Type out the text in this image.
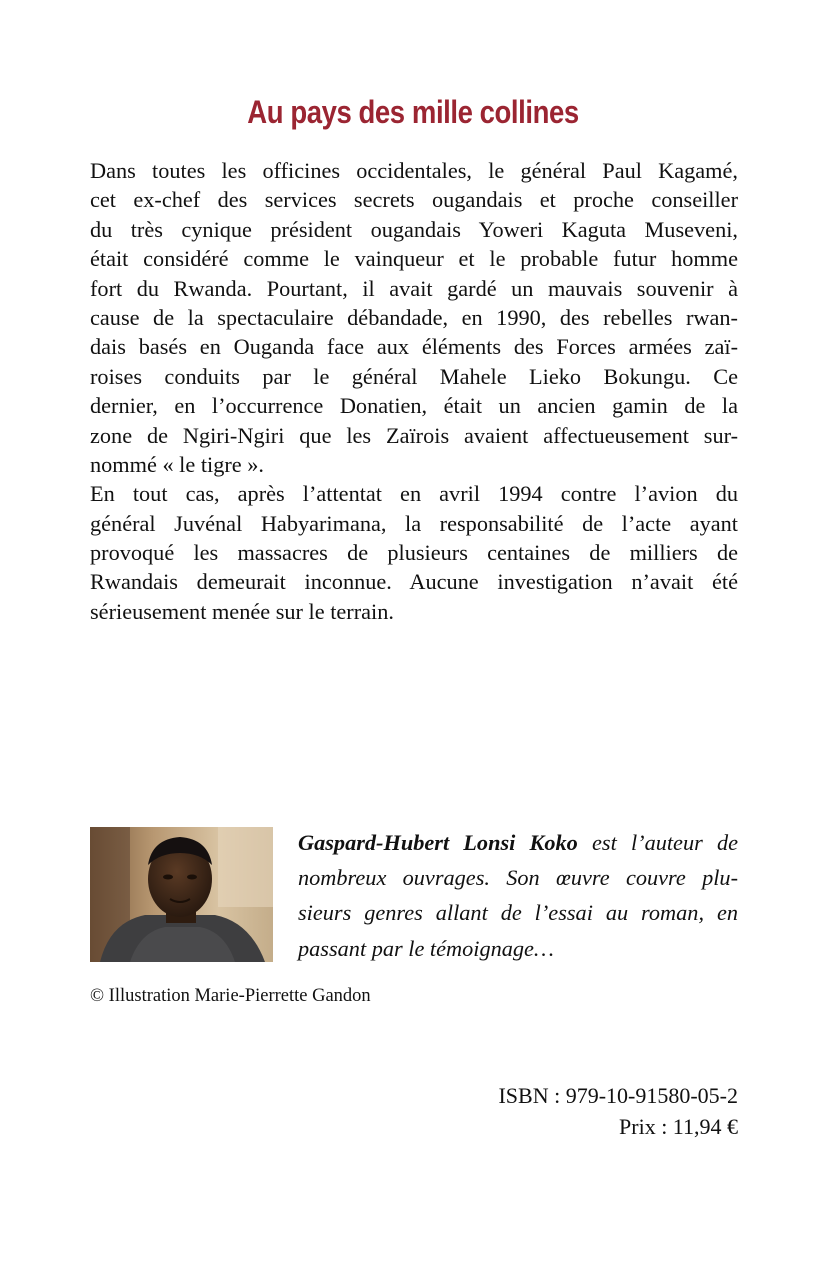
Au pays des mille collines
Dans toutes les officines occidentales, le général Paul Kagamé,
cet ex-chef des services secrets ougandais et proche conseiller
du très cynique président ougandais Yoweri Kaguta Museveni,
était considéré comme le vainqueur et le probable futur homme
fort du Rwanda. Pourtant, il avait gardé un mauvais souvenir à
cause de la spectaculaire débandade, en 1990, des rebelles rwan-
dais basés en Ouganda face aux éléments des Forces armées zaï-
roises conduits par le général Mahele Lieko Bokungu. Ce
dernier, en l’occurrence Donatien, était un ancien gamin de la
zone de Ngiri-Ngiri que les Zaïrois avaient affectueusement sur-
nommé « le tigre ».
En tout cas, après l’attentat en avril 1994 contre l’avion du
général Juvénal Habyarimana, la responsabilité de l’acte ayant
provoqué les massacres de plusieurs centaines de milliers de
Rwandais demeurait inconnue. Aucune investigation n’avait été
sérieusement menée sur le terrain.
Gaspard-Hubert Lonsi Koko est l’auteur de
nombreux ouvrages. Son œuvre couvre plu-
sieurs genres allant de l’essai au roman, en
passant par le témoignage…
© Illustration Marie-Pierrette Gandon
ISBN : 979-10-91580-05-2
Prix : 11,94 €
